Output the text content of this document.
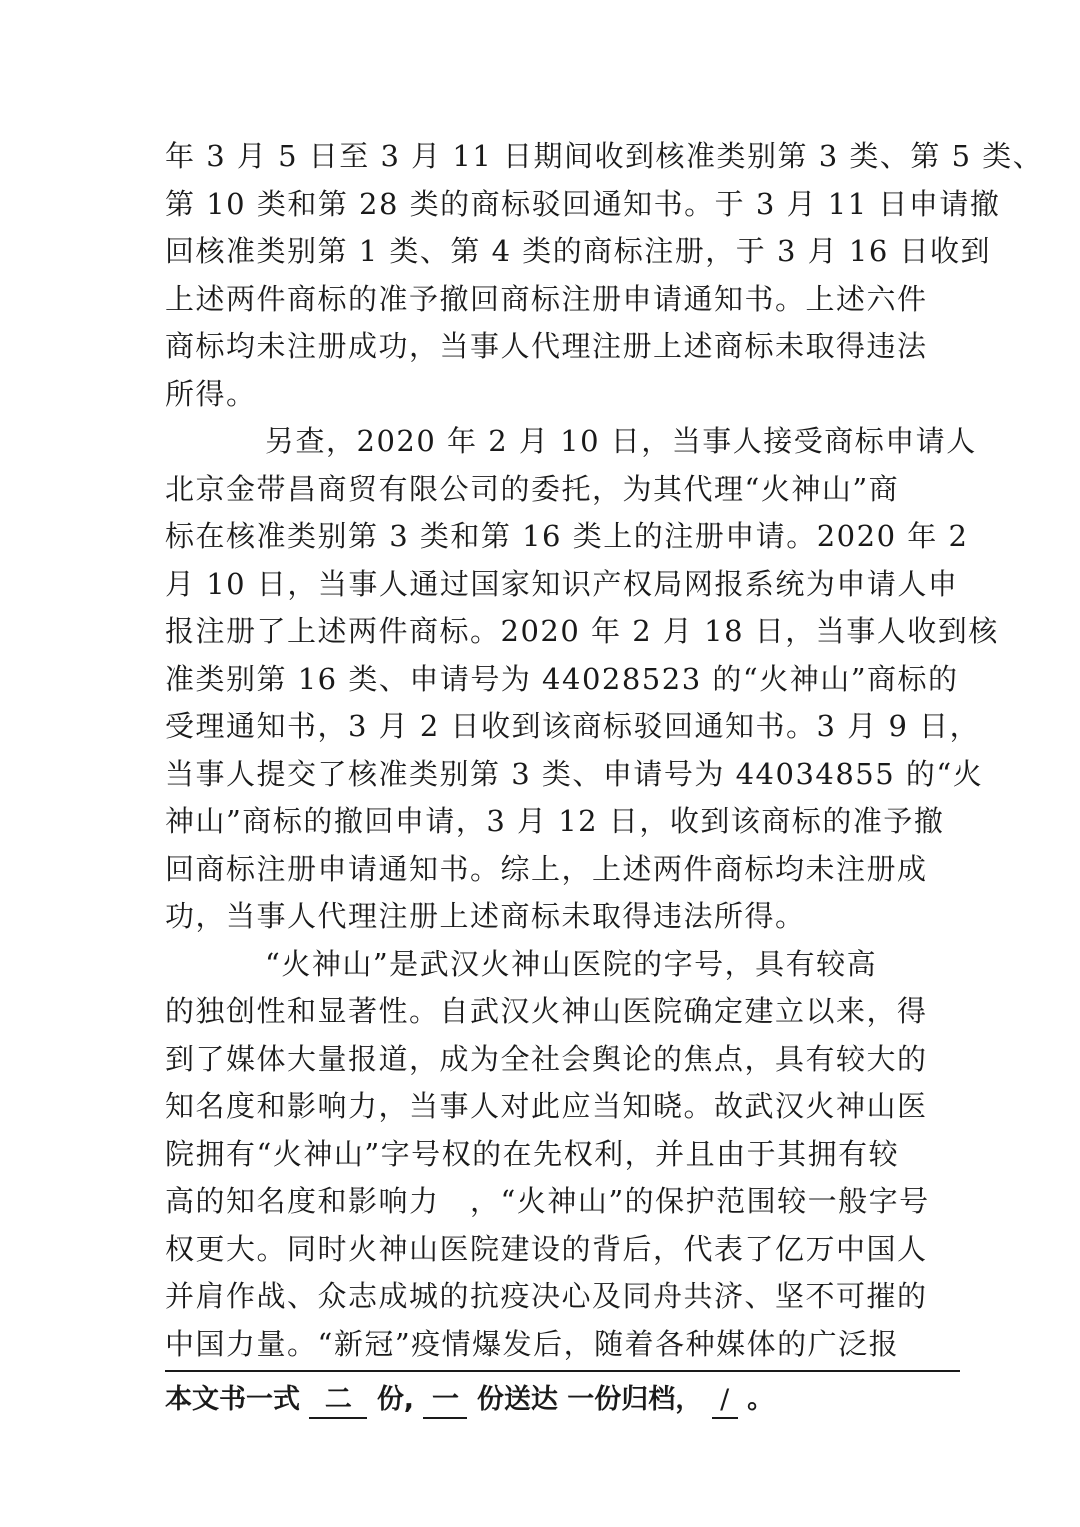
年 3 月 5 日至 3 月 11 日期间收到核准类别第 3 类、第 5 类、
第 10 类和第 28 类的商标驳回通知书。于 3 月 11 日申请撤
回核准类别第 1 类、第 4 类的商标注册，于 3 月 16 日收到
上述两件商标的准予撤回商标注册申请通知书。上述六件
商标均未注册成功，当事人代理注册上述商标未取得违法
所得。
另查，2020 年 2 月 10 日，当事人接受商标申请人
北京金带昌商贸有限公司的委托，为其代理“火神山”商
标在核准类别第 3 类和第 16 类上的注册申请。2020 年 2
月 10 日，当事人通过国家知识产权局网报系统为申请人申
报注册了上述两件商标。2020 年 2 月 18 日，当事人收到核
准类别第 16 类、申请号为 44028523 的“火神山”商标的
受理通知书，3 月 2 日收到该商标驳回通知书。3 月 9 日，
当事人提交了核准类别第 3 类、申请号为 44034855 的“火
神山”商标的撤回申请，3 月 12 日，收到该商标的准予撤
回商标注册申请通知书。综上，上述两件商标均未注册成
功，当事人代理注册上述商标未取得违法所得。
“火神山”是武汉火神山医院的字号，具有较高
的独创性和显著性。自武汉火神山医院确定建立以来，得
到了媒体大量报道，成为全社会舆论的焦点，具有较大的
知名度和影响力，当事人对此应当知晓。故武汉火神山医
院拥有“火神山”字号权的在先权利，并且由于其拥有较
高的知名度和影响力　，“火神山”的保护范围较一般字号
权更大。同时火神山医院建设的背后，代表了亿万中国人
并肩作战、众志成城的抗疫决心及同舟共济、坚不可摧的
中国力量。“新冠”疫情爆发后，随着各种媒体的广泛报
本文书一式 二 份, 一 份送达 一份归档， / 。
